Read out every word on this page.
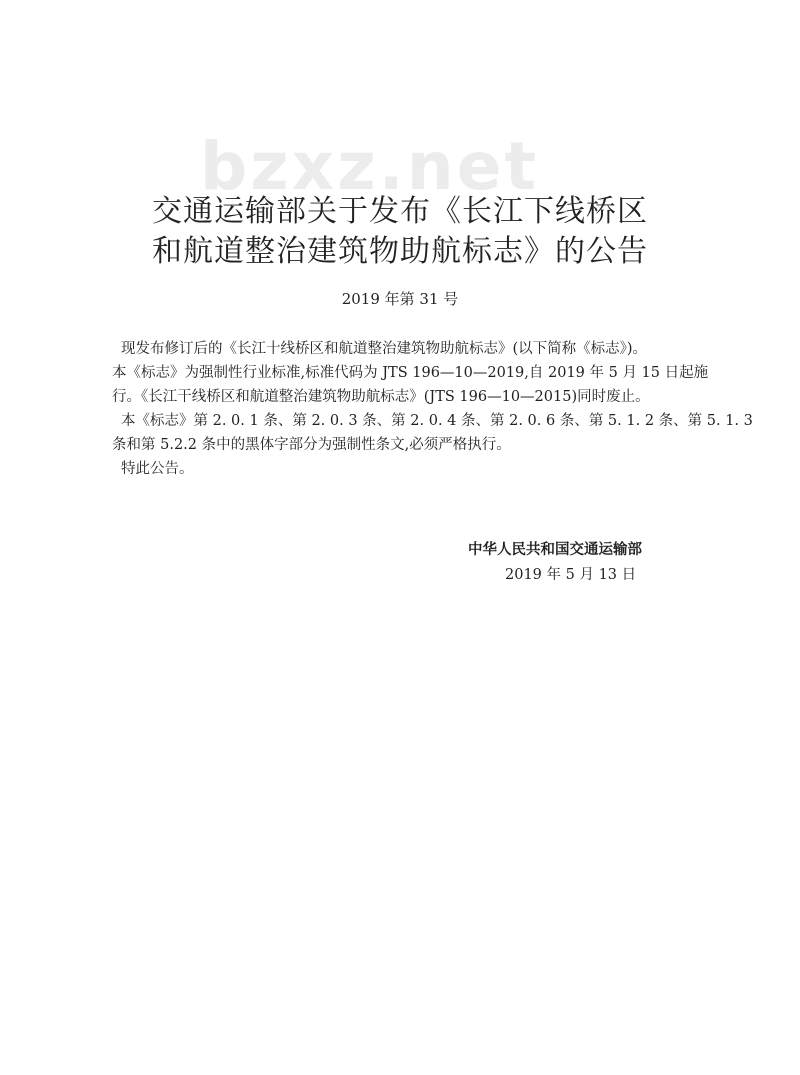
bzxz.net
交通运输部关于发布《长江下线桥区
和航道整治建筑物助航标志》的公告
2019 年第 31 号

现发布修订后的《长江十线桥区和航道整治建筑物助航标志》(以下简称《标志》)。

本《标志》为强制性行业标准,标准代码为 JTS 196—10—2019,自 2019 年 5 月 15 日起施

行。《长江干线桥区和航道整治建筑物助航标志》(JTS 196—10—2015)同时废止。

本《标志》第 2. 0. 1 条、第 2. 0. 3 条、第 2. 0. 4 条、第 2. 0. 6 条、第 5. 1. 2 条、第 5. 1. 3

条和第 5.2.2 条中的黑体字部分为强制性条文,必须严格执行。

特此公告。

中华人民共和国交通运输部
2019 年 5 月 13 日
